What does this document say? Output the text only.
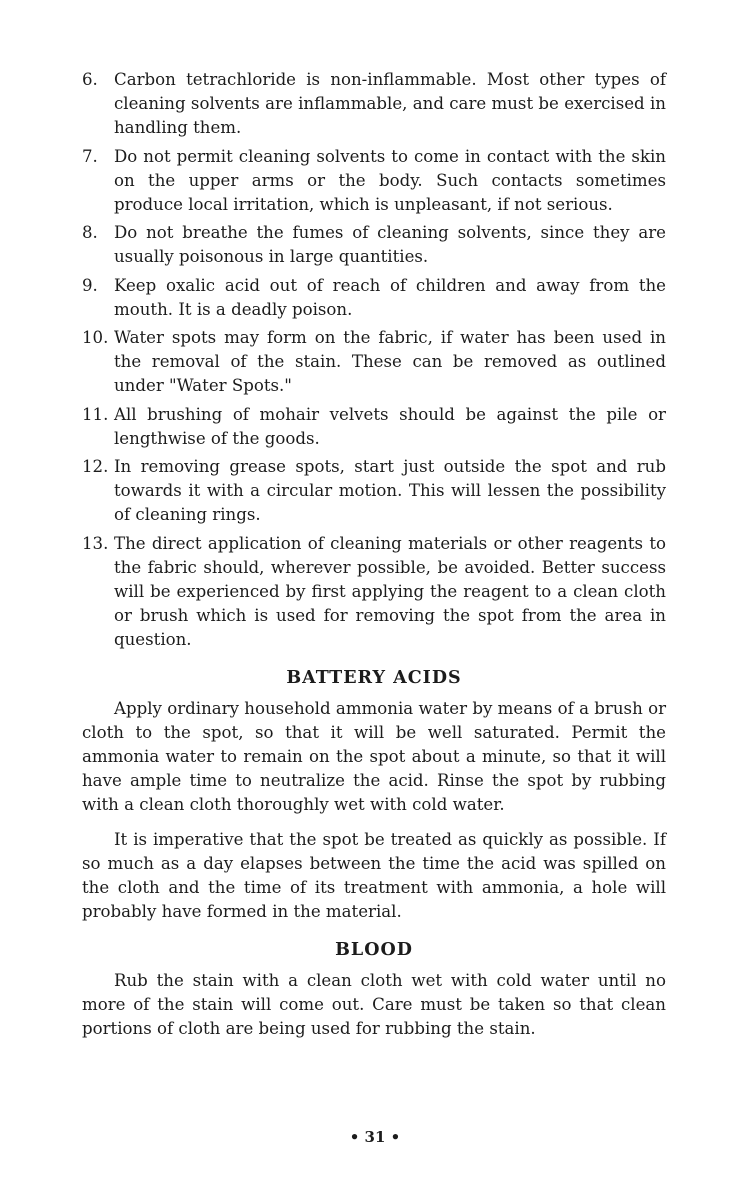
6. Carbon tetrachloride is non-inflammable. Most other types of cleaning solvents are inflammable, and care must be exercised in handling them.
7. Do not permit cleaning solvents to come in contact with the skin on the upper arms or the body. Such contacts sometimes produce local irritation, which is unpleasant, if not serious.
8. Do not breathe the fumes of cleaning solvents, since they are usually poisonous in large quantities.
9. Keep oxalic acid out of reach of children and away from the mouth. It is a deadly poison.
10. Water spots may form on the fabric, if water has been used in the removal of the stain. These can be removed as outlined under "Water Spots."
11. All brushing of mohair velvets should be against the pile or lengthwise of the goods.
12. In removing grease spots, start just outside the spot and rub towards it with a circular motion. This will lessen the possibility of cleaning rings.
13. The direct application of cleaning materials or other reagents to the fabric should, wherever possible, be avoided. Better success will be experienced by first applying the reagent to a clean cloth or brush which is used for removing the spot from the area in question.
BATTERY ACIDS

Apply ordinary household ammonia water by means of a brush or cloth to the spot, so that it will be well saturated. Permit the ammonia water to remain on the spot about a minute, so that it will have ample time to neutralize the acid. Rinse the spot by rubbing with a clean cloth thoroughly wet with cold water.

It is imperative that the spot be treated as quickly as possible. If so much as a day elapses between the time the acid was spilled on the cloth and the time of its treatment with ammonia, a hole will probably have formed in the material.

BLOOD

Rub the stain with a clean cloth wet with cold water until no more of the stain will come out. Care must be taken so that clean portions of cloth are being used for rubbing the stain.

• 31 •
